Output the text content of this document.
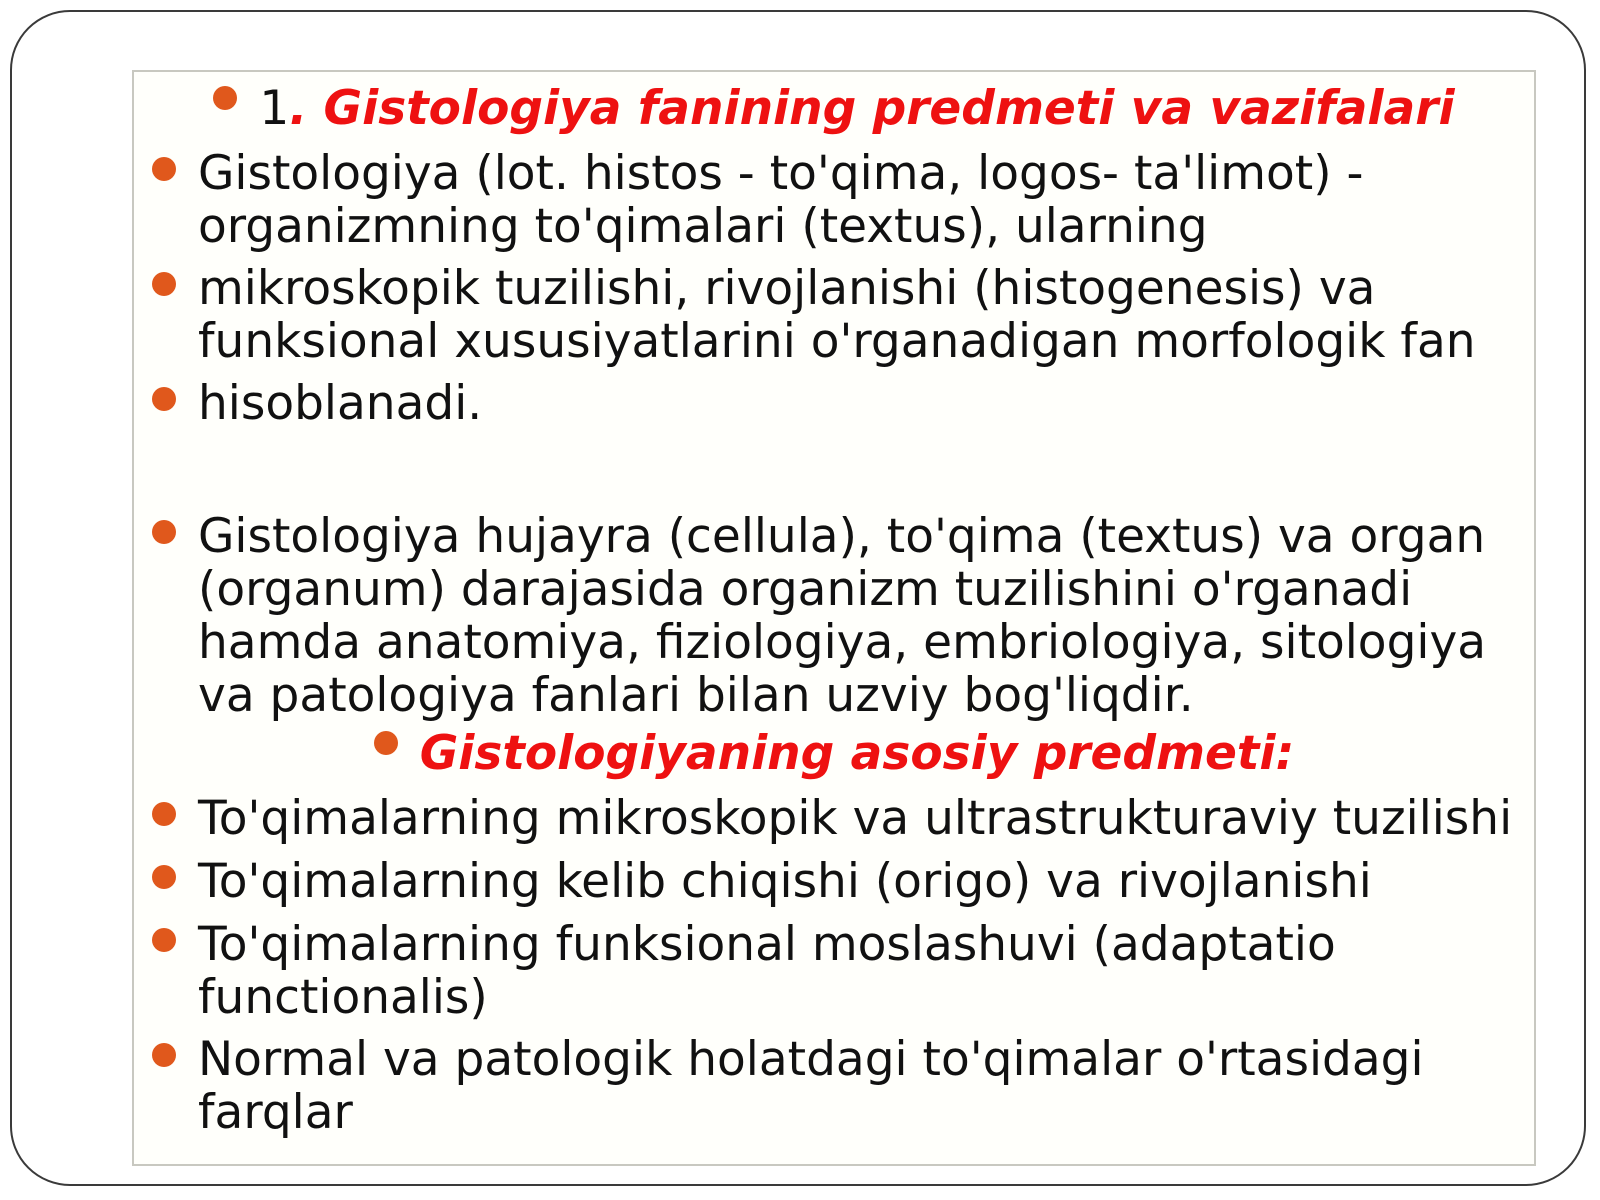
1. Gistologiya fanining predmeti va vazifalari
Gistologiya (lot. histos - to'qima, logos- ta'limot) - organizmning to'qimalari (textus), ularning
mikroskopik tuzilishi, rivojlanishi (histogenesis) va funksional xususiyatlarini o'rganadigan morfologik fan
hisoblanadi.
Gistologiya hujayra (cellula), to'qima (textus) va organ (organum) darajasida organizm tuzilishini o'rganadi hamda anatomiya, fiziologiya, embriologiya, sitologiya va patologiya fanlari bilan uzviy bog'liqdir.
Gistologiyaning asosiy predmeti:
To'qimalarning mikroskopik va ultrastrukturaviy tuzilishi
To'qimalarning kelib chiqishi (origo) va rivojlanishi
To'qimalarning funksional moslashuvi (adaptatio functionalis)
Normal va patologik holatdagi to'qimalar o'rtasidagi farqlar
